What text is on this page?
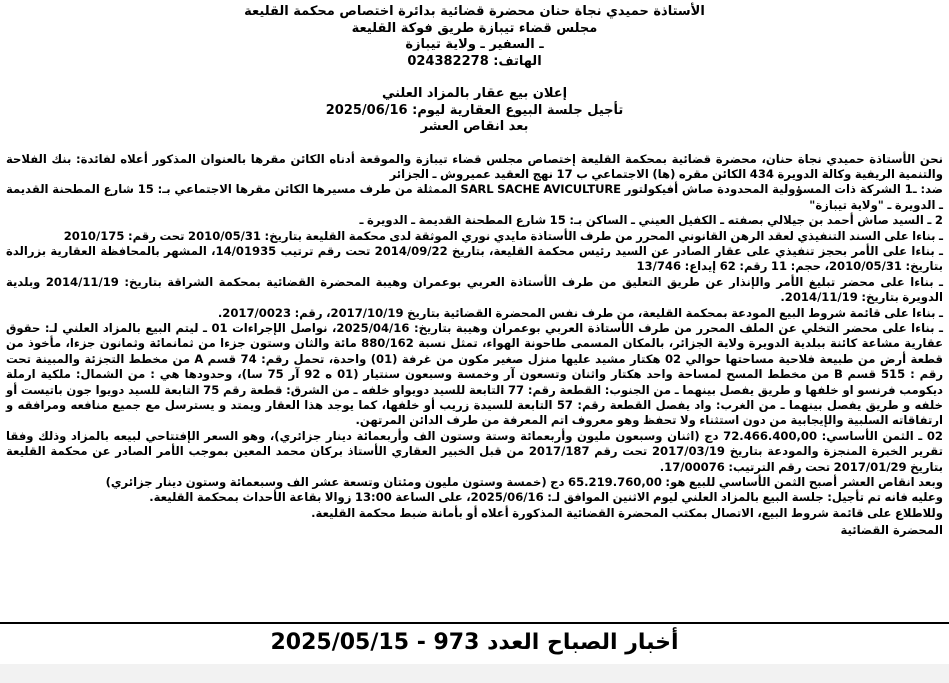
الأستاذة حميدي نجاة حنان محضرة قضائية بدائرة اختصاص محكمة القليعة
مجلس قضاء تيبازة طريق فوكة القليعة
ـ السفير ـ ولاية تيبازة
الهاتف: 024382278
إعلان بيع عقار بالمزاد العلني
تأجيل جلسة البيوع العقارية ليوم: 2025/06/16
بعد انقاص العشر

نحن الأستاذة حميدي نجاة حنان، محضرة قضائية بمحكمة القليعة إختصاص مجلس قضاء تيبازة والموقعة أدناه الكائن مقرها بالعنوان المذكور أعلاه لفائدة: بنك الفلاحة والتنمية الريفية وكالة الدويرة 434 الكائن مقره (ها) الاجتماعي ب 17 نهج العقيد عميروش ـ الجزائر

ضد: ـ1 الشركة ذات المسؤولية المحدودة صاش أفيكولتور SARL SACHE AVICULTURE الممثلة من طرف مسيرها الكائن مقرها الاجتماعي بـ: 15 شارع المطحنة القديمة ـ الدويرة ـ "ولاية تيبازة"

2 ـ السيد صاش أحمد بن جيلالي بصفته ـ الكفيل العيني ـ الساكن بـ: 15 شارع المطحنة القديمة ـ الدويرة ـ

ـ بناءا على السند التنفيذي لعقد الرهن القانوني المحرر من طرف الأستاذة مايدي نوري الموثقة لدى محكمة القليعة بتاريخ: 2010/05/31 تحت رقم: 2010/175

ـ بناءا على الأمر بحجز تنفيذي على عقار الصادر عن السيد رئيس محكمة القليعة، بتاريخ 2014/09/22 تحت رقم ترتيب 14/01935، المشهر بالمحافظة العقارية بزرالدة بتاريخ: 2010/05/31، حجم: 11 رقم: 62 إيداع: 13/746

ـ بناءا على محضر تبليغ الأمر والإنذار عن طريق التعليق من طرف الأستاذة العربي بوعمران وهيبة المحضرة القضائية بمحكمة الشراقة بتاريخ: 2014/11/19 وبلدية الدويرة بتاريخ: 2014/11/19.

ـ بناءا على قائمة شروط البيع المودعة بمحكمة القليعة، من طرف نفس المحضرة القضائية بتاريخ 2017/10/19، رقم: 2017/0023.

ـ بناءا على محضر التخلي عن الملف المحرر من طرف الأستاذة العربي بوعمران وهيبة بتاريخ: 2025/04/16، نواصل الإجراءات 01 ـ ليتم البيع بالمزاد العلني لـ: حقوق عقارية مشاعة كائنة ببلدية الدويرة ولاية الجزائر، بالمكان المسمى طاحونة الهواء، تمثل نسبة 880/162 مائة والثان وستون جزءا من ثمانمائة وثمانون جزءا، مأخوذ من قطعة أرض من طبيعة فلاحية مساحتها حوالي 02 هكتار مشيد عليها منزل صغير مكون من غرفة (01) واحدة، تحمل رقم: 74 قسم A من مخطط التجزئة والمبينة تحت رقم : 515 قسم B من مخطط المسح لمساحة واحد هكتار واثنان وتسعون آر وخمسة وسبعون سنتيار (01 ه 92 آر 75 سا)، وحدودها هي : من الشمال: ملكية ارملة ديكومب فرنسو او خلفها و طريق يفصل بينهما ـ من الجنوب: القطعة رقم: 77 التابعة للسيد دويواو خلفه ـ من الشرق: قطعة رقم 75 التابعة للسيد دويوا جون باتيست أو خلفه و طريق يفصل بينهما ـ من الغرب: واد يفصل القطعة رقم: 57 التابعة للسيدة زريب أو خلفها، كما يوجد هذا العقار ويمتد و يسترسل مع جميع منافعه ومرافقه و ارتفاقاته السلبية والإيجابية من دون استثناء ولا تحفظ وهو معروف اتم المعرفة من طرف الدائن المرتهن.

02 ـ الثمن الأساسي: 72.466.400,00 دج (اثنان وسبعون مليون وأربعمائة وستة وستون الف وأربعمائة دينار جزائري)، وهو السعر الإفتتاحي لبيعه بالمزاد وذلك وفقا تقرير الخبرة المنجزة والمودعة بتاريخ 2017/03/19 تحت رقم 2017/187 من قبل الخبير العقاري الأستاذ بركان محمد المعين بموجب الأمر الصادر عن محكمة القليعة بتاريخ 2017/01/29 تحت رقم الترتيب: 17/00076.

وبعد انقاص العشر أصبح الثمن الأساسي للبيع هو: 65.219.760,00 دج (خمسة وستون مليون ومئتان وتسعة عشر الف وسبعمائة وستون دينار جزائري)

وعليه فانه تم تأجيل: جلسة البيع بالمزاد العلني ليوم الاثنين الموافق لـ: 2025/06/16، على الساعة 13:00 زوالا بقاعة الأحداث بمحكمة القليعة.

وللاطلاع على قائمة شروط البيع، الاتصال بمكتب المحضرة القضائية المذكورة أعلاه أو بأمانة ضبط محكمة القليعة.

المحضرة القضائية
أخبار الصباح العدد 973 - 2025/05/15
